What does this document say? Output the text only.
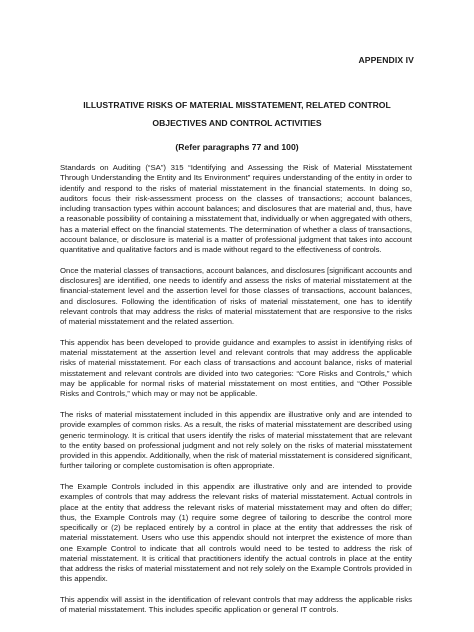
APPENDIX IV
ILLUSTRATIVE RISKS OF MATERIAL MISSTATEMENT, RELATED CONTROL OBJECTIVES AND CONTROL ACTIVITIES
(Refer paragraphs 77 and 100)

Standards on Auditing (“SA”) 315 “Identifying and Assessing the Risk of Material Misstatement Through Understanding the Entity and Its Environment” requires understanding of the entity in order to identify and respond to the risks of material misstatement in the financial statements. In doing so, auditors focus their risk-assessment process on the classes of transactions; account balances, including transaction types within account balances; and disclosures that are material and, thus, have a reasonable possibility of containing a misstatement that, individually or when aggregated with others, has a material effect on the financial statements. The determination of whether a class of transactions, account balance, or disclosure is material is a matter of professional judgment that takes into account quantitative and qualitative factors and is made without regard to the effectiveness of controls.

Once the material classes of transactions, account balances, and disclosures [significant accounts and disclosures] are identified, one needs to identify and assess the risks of material misstatement at the financial-statement level and the assertion level for those classes of transactions, account balances, and disclosures. Following the identification of risks of material misstatement, one has to identify relevant controls that may address the risks of material misstatement that are responsive to the risks of material misstatement and the related assertion.

This appendix has been developed to provide guidance and examples to assist in identifying risks of material misstatement at the assertion level and relevant controls that may address the applicable risks of material misstatement. For each class of transactions and account balance, risks of material misstatement and relevant controls are divided into two categories: “Core Risks and Controls,” which may be applicable for normal risks of material misstatement on most entities, and “Other Possible Risks and Controls,” which may or may not be applicable.

The risks of material misstatement included in this appendix are illustrative only and are intended to provide examples of common risks. As a result, the risks of material misstatement are described using generic terminology. It is critical that users identify the risks of material misstatement that are relevant to the entity based on professional judgment and not rely solely on the risks of material misstatement provided in this appendix. Additionally, when the risk of material misstatement is considered significant, further tailoring or complete customisation is often appropriate.

The Example Controls included in this appendix are illustrative only and are intended to provide examples of controls that may address the relevant risks of material misstatement. Actual controls in place at the entity that address the relevant risks of material misstatement may and often do differ; thus, the Example Controls may (1) require some degree of tailoring to describe the control more specifically or (2) be replaced entirely by a control in place at the entity that addresses the risk of material misstatement. Users who use this appendix should not interpret the existence of more than one Example Control to indicate that all controls would need to be tested to address the risk of material misstatement. It is critical that practitioners identify the actual controls in place at the entity that address the risks of material misstatement and not rely solely on the Example Controls provided in this appendix.

This appendix will assist in the identification of relevant controls that may address the applicable risks of material misstatement. This includes specific application or general IT controls.
